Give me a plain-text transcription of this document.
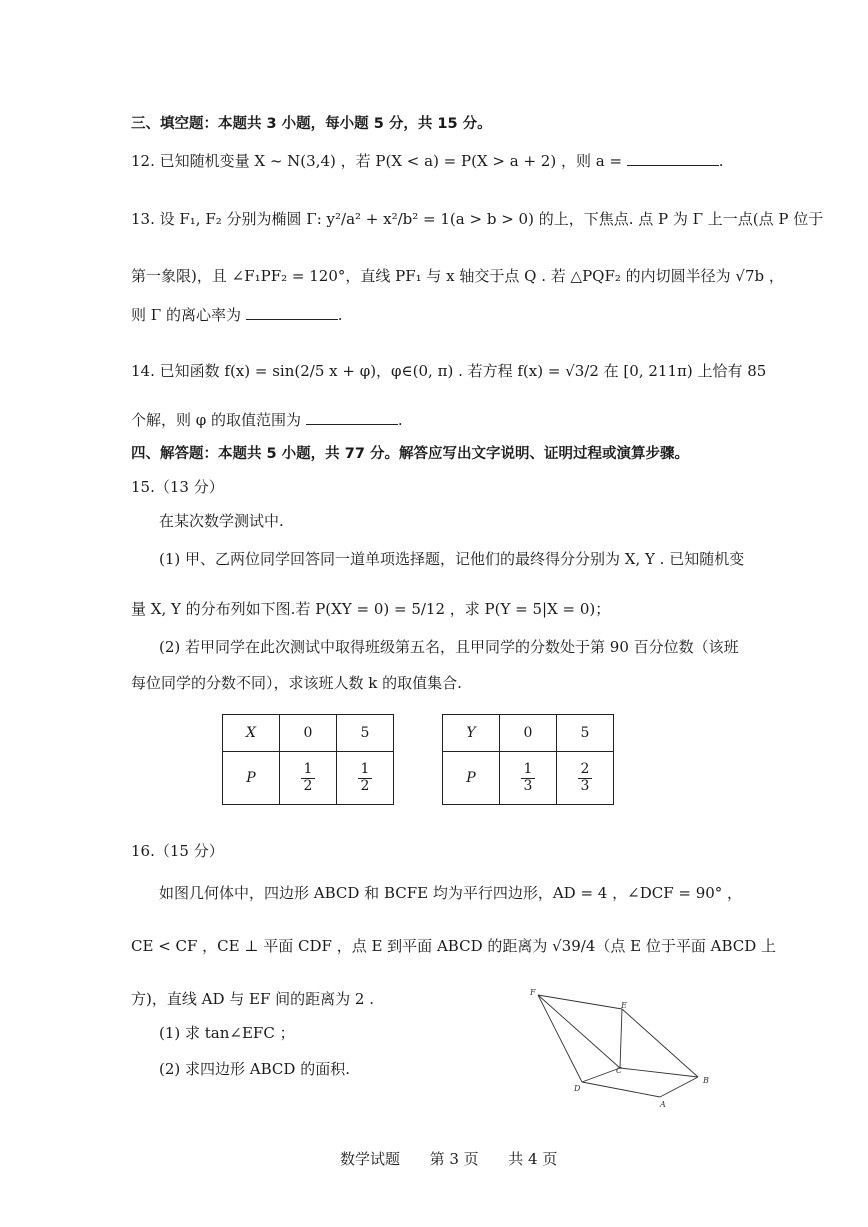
三、填空题：本题共 3 小题，每小题 5 分，共 15 分。
12. 已知随机变量 X ~ N(3,4) ，若 P(X < a) = P(X > a + 2) ，则 a =	.
13. 设 F₁, F₂ 分别为椭圆 Γ: y²/a² + x²/b² = 1(a > b > 0) 的上，下焦点. 点 P 为 Γ 上一点(点 P 位于
第一象限)，且 ∠F₁PF₂ = 120°，直线 PF₁ 与 x 轴交于点 Q . 若 △PQF₂ 的内切圆半径为 √7b ，
则 Γ 的离心率为	.
14. 已知函数 f(x) = sin(2/5 x + φ)，φ∈(0, π) . 若方程 f(x) = √3/2 在 [0, 211π) 上恰有 85
个解，则 φ 的取值范围为	.
四、解答题：本题共 5 小题，共 77 分。解答应写出文字说明、证明过程或演算步骤。
15.（13 分）
在某次数学测试中.
(1) 甲、乙两位同学回答同一道单项选择题，记他们的最终得分分别为 X, Y . 已知随机变
量 X, Y 的分布列如下图.若 P(XY = 0) = 5/12 ，求 P(Y = 5|X = 0)；
(2) 若甲同学在此次测试中取得班级第五名，且甲同学的分数处于第 90 百分位数（该班
每位同学的分数不同），求该班人数 k 的取值集合.
X	0	5
P	$\frac{1}{2}$	$\frac{1}{2}$
Y	0	5
P	$\frac{1}{3}$	$\frac{2}{3}$
16.（15 分）
如图几何体中，四边形 ABCD 和 BCFE 均为平行四边形，AD = 4 ，∠DCF = 90° ，
CE < CF ，CE ⊥ 平面 CDF ，点 E 到平面 ABCD 的距离为 √39/4（点 E 位于平面 ABCD 上
方)，直线 AD 与 EF 间的距离为 2 .
(1) 求 tan∠EFC ；
(2) 求四边形 ABCD 的面积.
F
E
C
D
B
A
数学试题 第 3 页 共 4 页
